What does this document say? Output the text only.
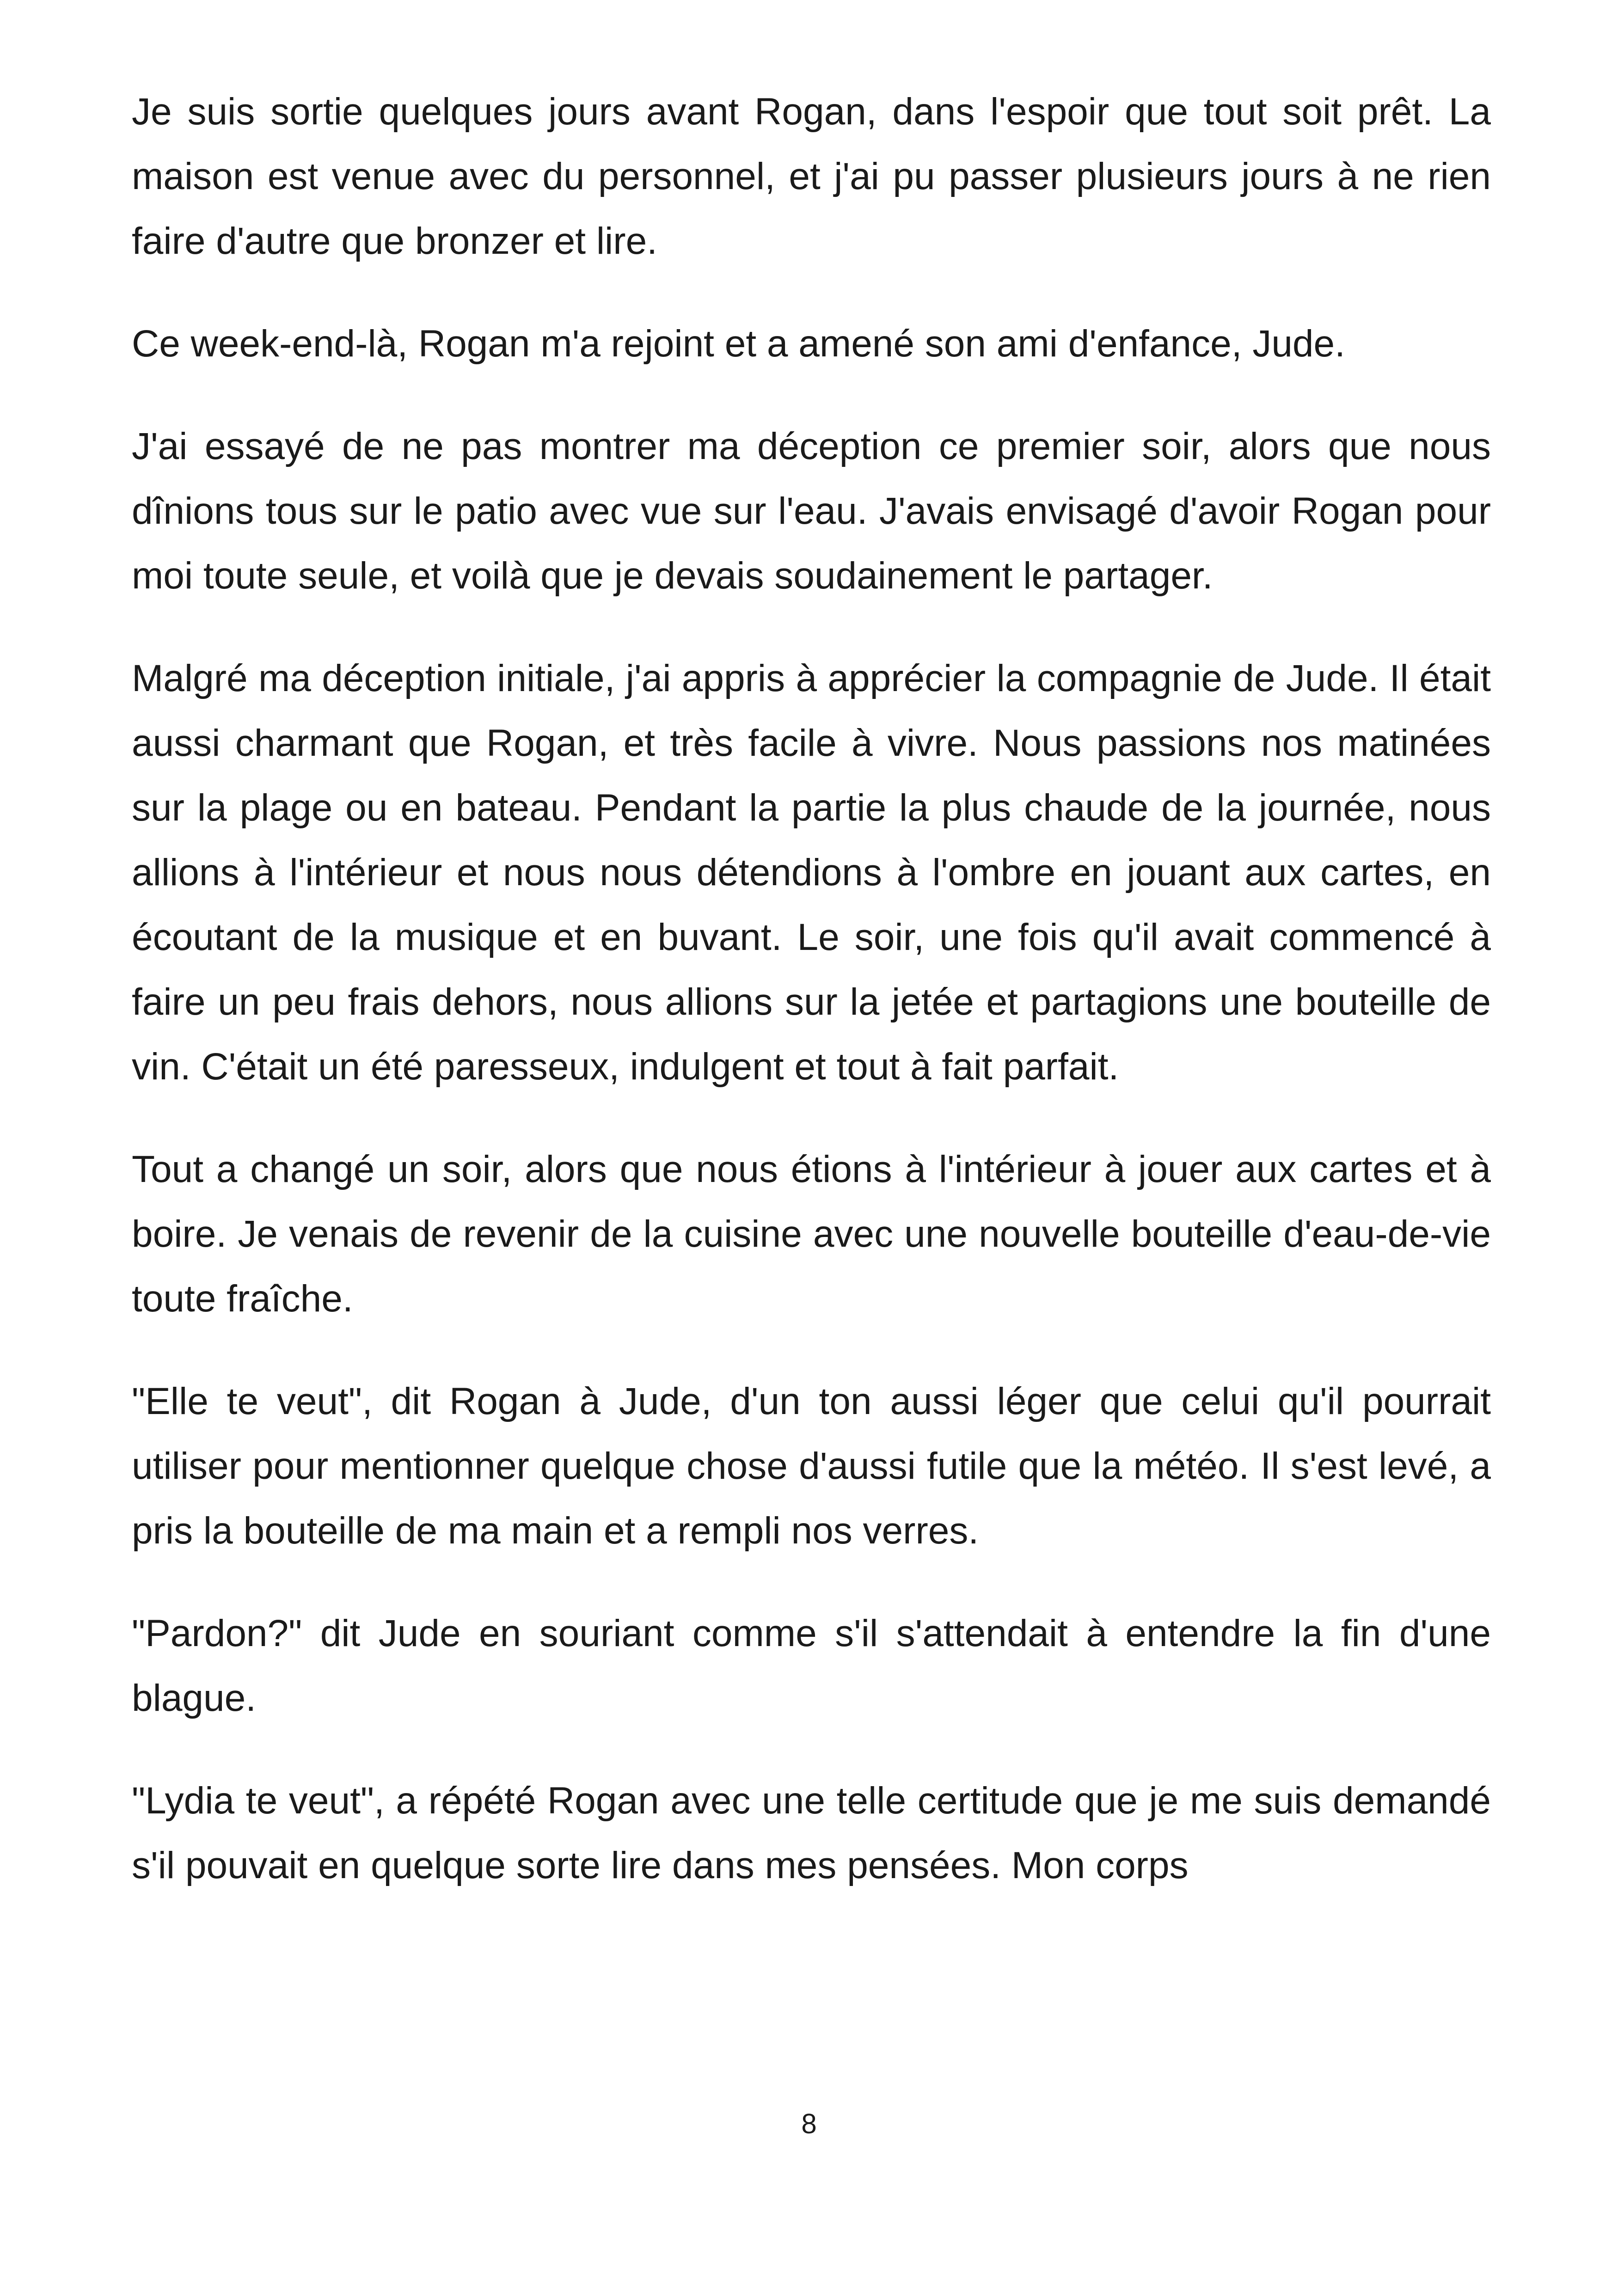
Je suis sortie quelques jours avant Rogan, dans l'espoir que tout soit prêt. La maison est venue avec du personnel, et j'ai pu passer plusieurs jours à ne rien faire d'autre que bronzer et lire.

Ce week-end-là, Rogan m'a rejoint et a amené son ami d'enfance, Jude.

J'ai essayé de ne pas montrer ma déception ce premier soir, alors que nous dînions tous sur le patio avec vue sur l'eau. J'avais envisagé d'avoir Rogan pour moi toute seule, et voilà que je devais soudainement le partager.

Malgré ma déception initiale, j'ai appris à apprécier la compagnie de Jude. Il était aussi charmant que Rogan, et très facile à vivre. Nous passions nos matinées sur la plage ou en bateau. Pendant la partie la plus chaude de la journée, nous allions à l'intérieur et nous nous détendions à l'ombre en jouant aux cartes, en écoutant de la musique et en buvant. Le soir, une fois qu'il avait commencé à faire un peu frais dehors, nous allions sur la jetée et partagions une bouteille de vin. C'était un été paresseux, indulgent et tout à fait parfait.

Tout a changé un soir, alors que nous étions à l'intérieur à jouer aux cartes et à boire. Je venais de revenir de la cuisine avec une nouvelle bouteille d'eau-de-vie toute fraîche.

"Elle te veut", dit Rogan à Jude, d'un ton aussi léger que celui qu'il pourrait utiliser pour mentionner quelque chose d'aussi futile que la météo. Il s'est levé, a pris la bouteille de ma main et a rempli nos verres.

"Pardon?" dit Jude en souriant comme s'il s'attendait à entendre la fin d'une blague.

"Lydia te veut", a répété Rogan avec une telle certitude que je me suis demandé s'il pouvait en quelque sorte lire dans mes pensées. Mon corps

8
